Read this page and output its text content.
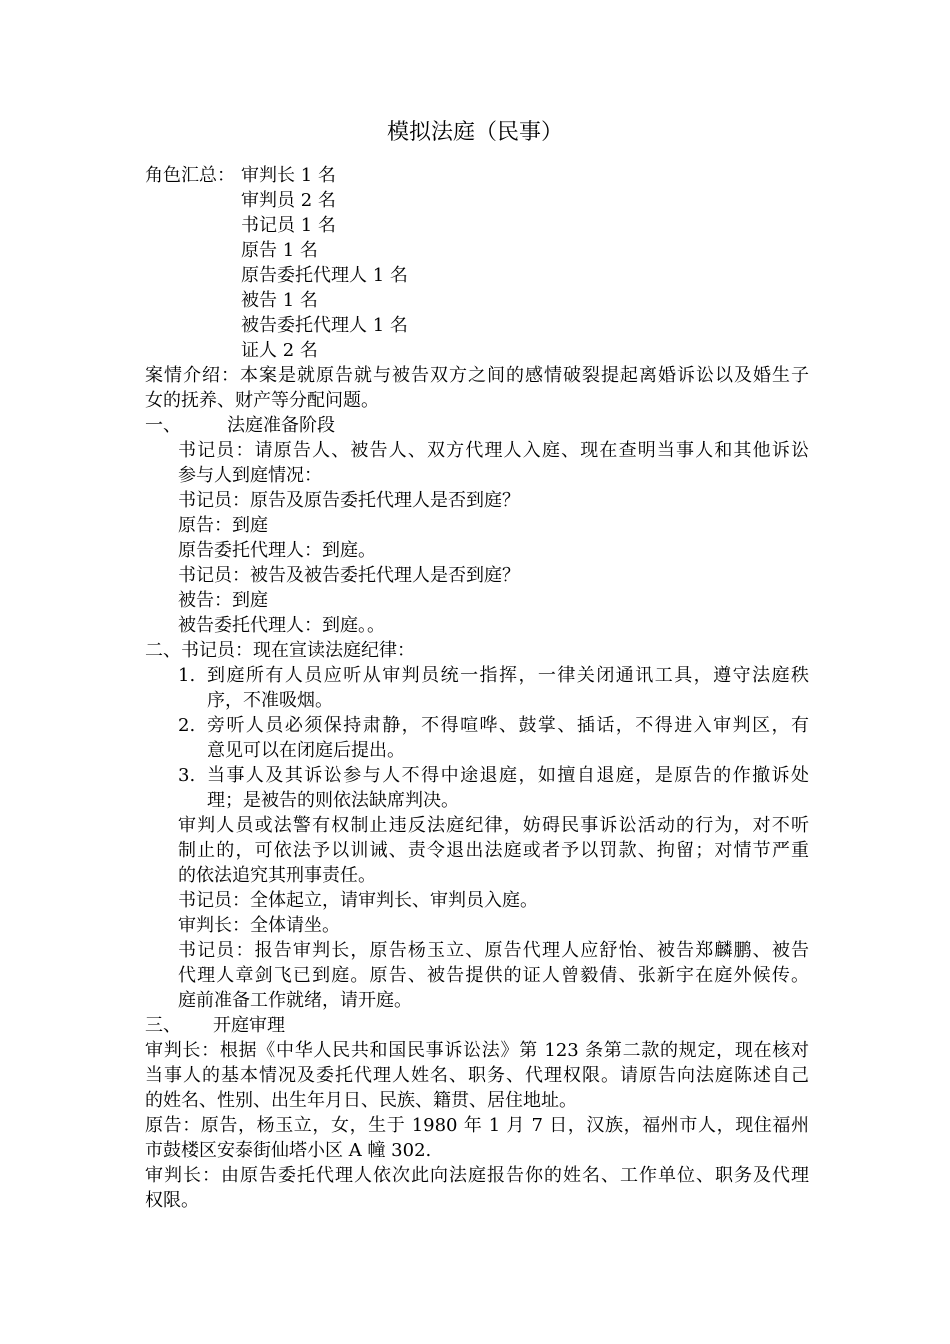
模拟法庭（民事）
角色汇总： 审判长 1 名
审判员 2 名
书记员 1 名
原告 1 名
原告委托代理人 1 名
被告 1 名
被告委托代理人 1 名
证人 2 名
案情介绍：本案是就原告就与被告双方之间的感情破裂提起离婚诉讼以及婚生子
女的抚养、财产等分配问题。
一、	法庭准备阶段
书记员：请原告人、被告人、双方代理人入庭、现在查明当事人和其他诉讼
参与人到庭情况：
书记员：原告及原告委托代理人是否到庭？
原告：到庭
原告委托代理人：到庭。
书记员：被告及被告委托代理人是否到庭？
被告：到庭
被告委托代理人：到庭。。
二、书记员：现在宣读法庭纪律：
1. 到庭所有人员应听从审判员统一指挥，一律关闭通讯工具，遵守法庭秩
序，不准吸烟。
2. 旁听人员必须保持肃静，不得喧哗、鼓掌、插话，不得进入审判区，有
意见可以在闭庭后提出。
3. 当事人及其诉讼参与人不得中途退庭，如擅自退庭，是原告的作撤诉处
理；是被告的则依法缺席判决。
审判人员或法警有权制止违反法庭纪律，妨碍民事诉讼活动的行为，对不听
制止的，可依法予以训诫、责令退出法庭或者予以罚款、拘留；对情节严重
的依法追究其刑事责任。
书记员：全体起立，请审判长、审判员入庭。
审判长：全体请坐。
书记员：报告审判长，原告杨玉立、原告代理人应舒怡、被告郑麟鹏、被告
代理人章剑飞已到庭。原告、被告提供的证人曾毅倩、张新宇在庭外候传。
庭前准备工作就绪，请开庭。
三、 开庭审理
审判长：根据《中华人民共和国民事诉讼法》第 123 条第二款的规定，现在核对
当事人的基本情况及委托代理人姓名、职务、代理权限。请原告向法庭陈述自己
的姓名、性别、出生年月日、民族、籍贯、居住地址。
原告：原告，杨玉立，女，生于 1980 年 1 月 7 日，汉族，福州市人，现住福州
市鼓楼区安泰街仙塔小区 A 幢 302.
审判长：由原告委托代理人依次此向法庭报告你的姓名、工作单位、职务及代理
权限。
